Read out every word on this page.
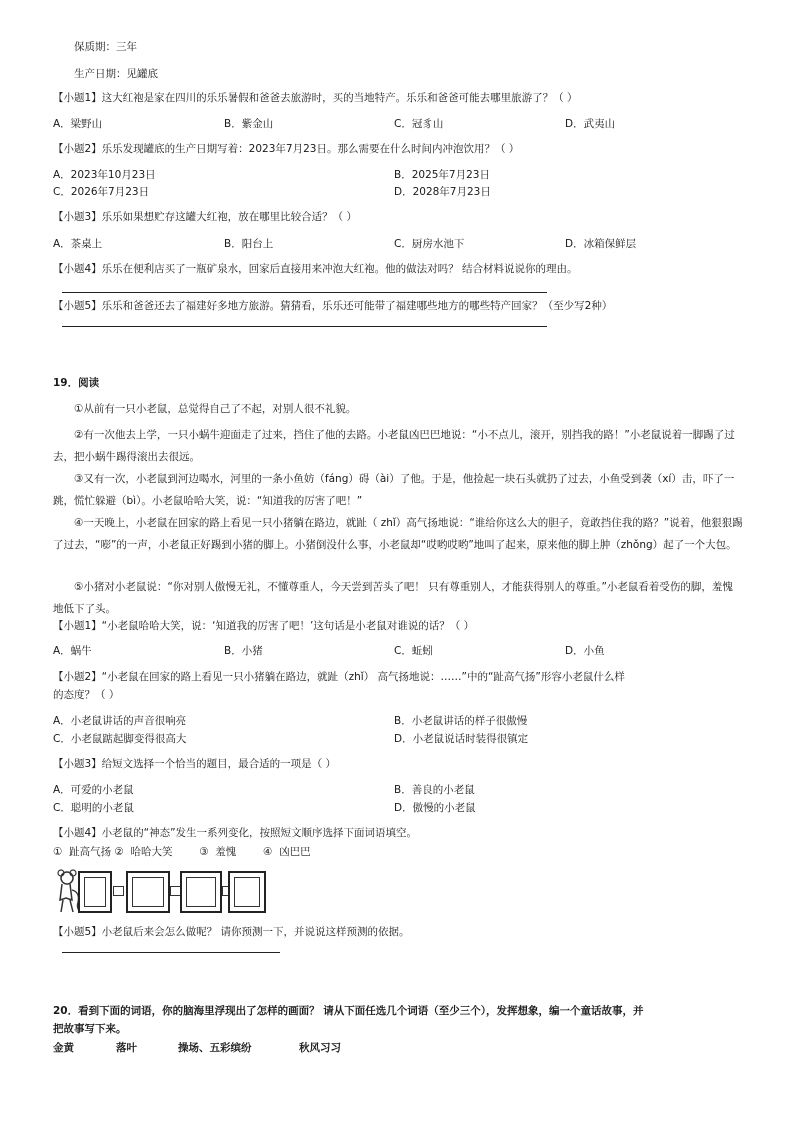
保质期：三年
生产日期：见罐底
【小题1】这大红袍是家在四川的乐乐暑假和爸爸去旅游时，买的当地特产。乐乐和爸爸可能去哪里旅游了？（ ）
A．梁野山	B．紫金山	C．冠豸山	D．武夷山
【小题2】乐乐发现罐底的生产日期写着：2023年7月23日。那么需要在什么时间内冲泡饮用？（ ）
A．2023年10月23日	B．2025年7月23日
C．2026年7月23日	D．2028年7月23日
【小题3】乐乐如果想贮存这罐大红袍，放在哪里比较合适？（ ）
A．茶桌上	B．阳台上	C．厨房水池下	D．冰箱保鲜层
【小题4】乐乐在便利店买了一瓶矿泉水，回家后直接用来冲泡大红袍。他的做法对吗？ 结合材料说说你的理由。
【小题5】乐乐和爸爸还去了福建好多地方旅游。猜猜看，乐乐还可能带了福建哪些地方的哪些特产回家？（至少写2种）
19．阅读
①从前有一只小老鼠，总觉得自己了不起，对别人很不礼貌。
②有一次他去上学，一只小蜗牛迎面走了过来，挡住了他的去路。小老鼠凶巴巴地说：“小不点儿，滚开，别挡我的路！”小老鼠说着一脚踢了过去，把小蜗牛踢得滚出去很远。
③又有一次，小老鼠到河边喝水，河里的一条小鱼妨（fáng）碍（ài）了他。于是，他捡起一块石头就扔了过去，小鱼受到袭（xí）击，吓了一跳，慌忙躲避（bì）。小老鼠哈哈大笑，说：“知道我的厉害了吧！”
④一天晚上，小老鼠在回家的路上看见一只小猪躺在路边，就趾（ zhǐ）高气扬地说：“谁给你这么大的胆子，竟敢挡住我的路？”说着，他狠狠踢了过去，“嘭”的一声，小老鼠正好踢到小猪的脚上。小猪倒没什么事，小老鼠却“哎哟哎哟”地叫了起来，原来他的脚上肿（zhǒng）起了一个大包。
⑤小猪对小老鼠说：“你对别人傲慢无礼，不懂尊重人，今天尝到苦头了吧！ 只有尊重别人，才能获得别人的尊重。”小老鼠看着受伤的脚，羞愧地低下了头。
【小题1】“小老鼠哈哈大笑，说：‘知道我的厉害了吧！’这句话是小老鼠对谁说的话？（ ）
A．蜗牛	B．小猪	C．蚯蚓	D．小鱼
【小题2】“小老鼠在回家的路上看见一只小猪躺在路边，就趾（zhǐ） 高气扬地说：……”中的“趾高气扬”形容小老鼠什么样
的态度？（ ）
A．小老鼠讲话的声音很响亮	B．小老鼠讲话的样子很傲慢
C．小老鼠踮起脚变得很高大	D．小老鼠说话时装得很镇定
【小题3】给短文选择一个恰当的题目，最合适的一项是（ ）
A．可爱的小老鼠	B．善良的小老鼠
C．聪明的小老鼠	D．傲慢的小老鼠
【小题4】小老鼠的“神态”发生一系列变化，按照短文顺序选择下面词语填空。
①  趾高气扬 ②  哈哈大笑        ③  羞愧        ④  凶巴巴
【小题5】小老鼠后来会怎么做呢？ 请你预测一下，并说说这样预测的依据。
20．看到下面的词语，你的脑海里浮现出了怎样的画面？ 请从下面任选几个词语（至少三个），发挥想象，编一个童话故事，并
把故事写下来。
金黄	落叶	操场、五彩缤纷	秋风习习
